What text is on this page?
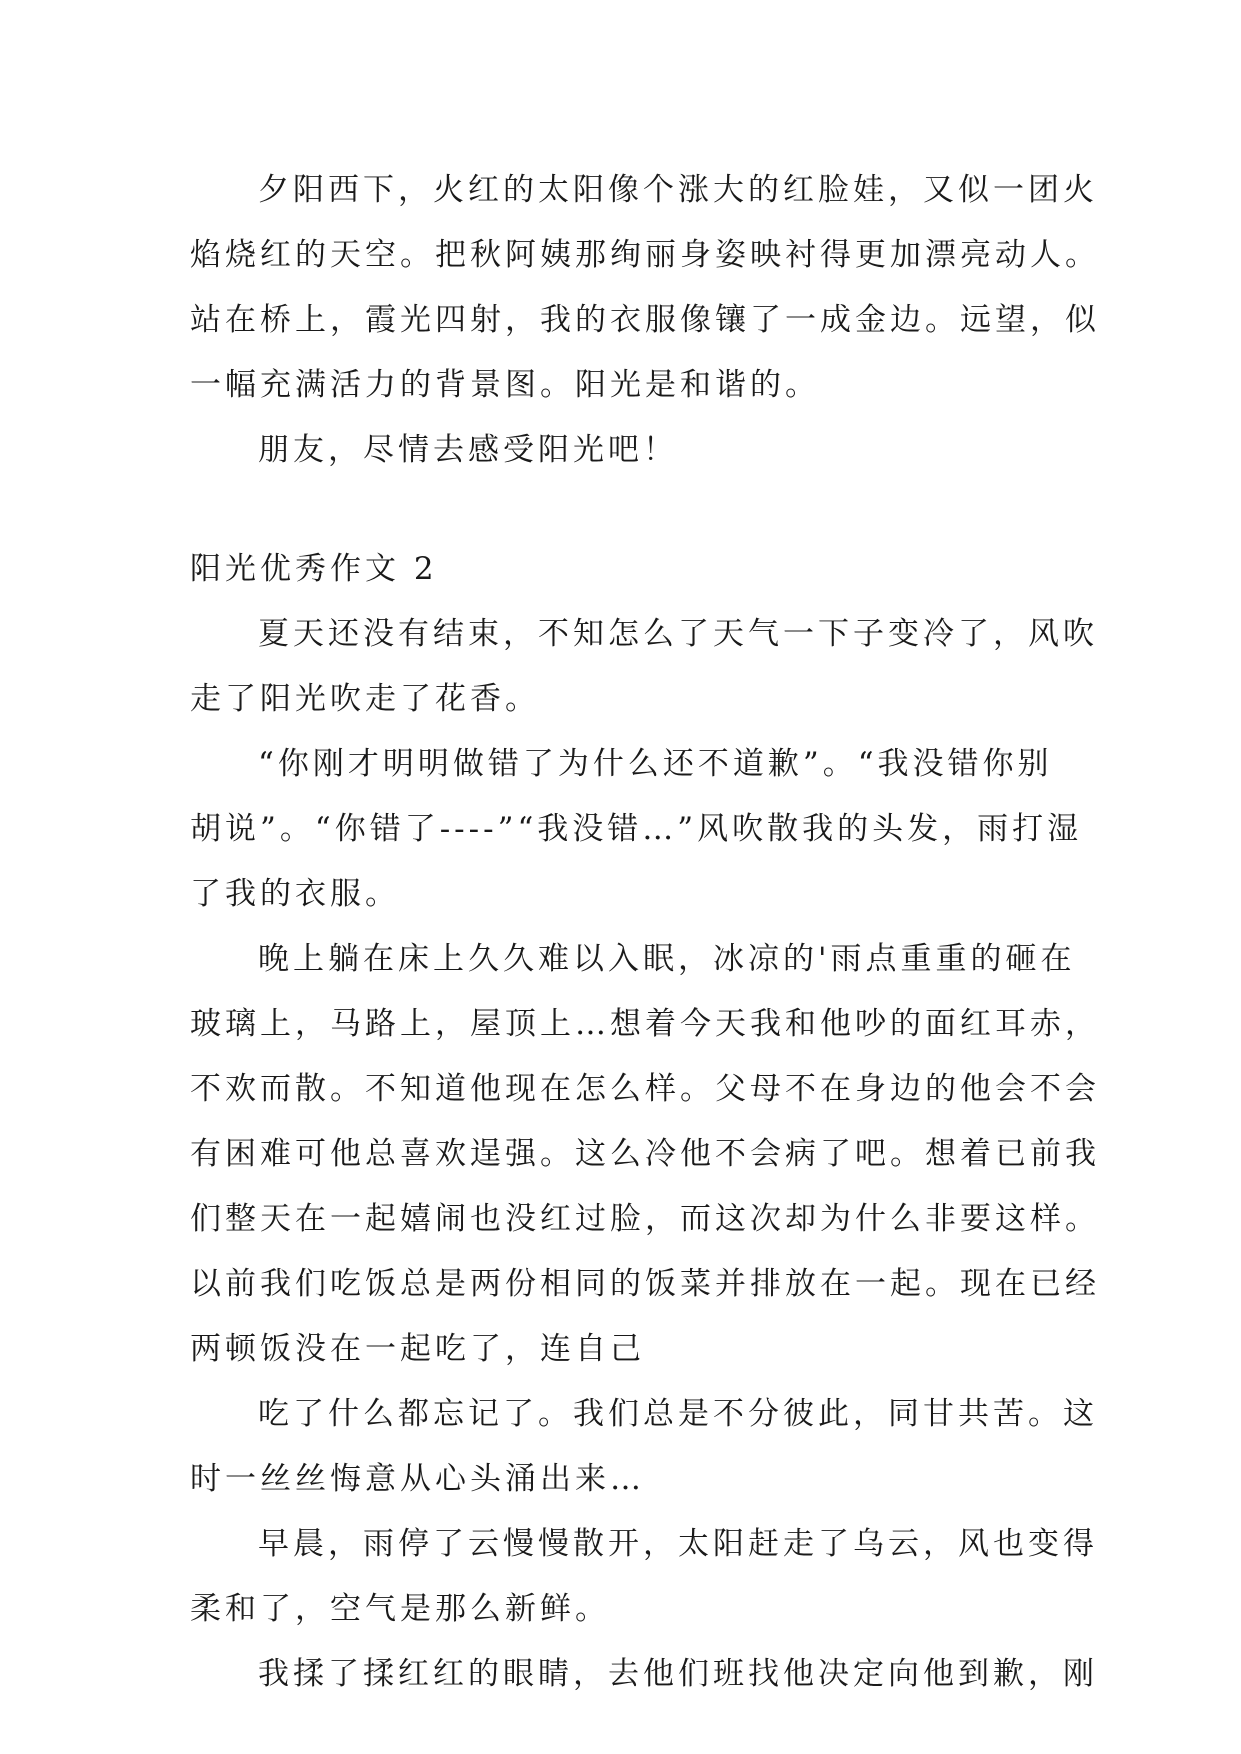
夕阳西下，火红的太阳像个涨大的红脸娃，又似一团火
焰烧红的天空。把秋阿姨那绚丽身姿映衬得更加漂亮动人。
站在桥上，霞光四射，我的衣服像镶了一成金边。远望，似
一幅充满活力的背景图。阳光是和谐的。
朋友，尽情去感受阳光吧！
阳光优秀作文 2
夏天还没有结束，不知怎么了天气一下子变冷了，风吹
走了阳光吹走了花香。
“你刚才明明做错了为什么还不道歉”。“我没错你别
胡说”。“你错了----”“我没错…”风吹散我的头发，雨打湿
了我的衣服。
晚上躺在床上久久难以入眠，冰凉的'雨点重重的砸在
玻璃上，马路上，屋顶上…想着今天我和他吵的面红耳赤，
不欢而散。不知道他现在怎么样。父母不在身边的他会不会
有困难可他总喜欢逞强。这么冷他不会病了吧。想着已前我
们整天在一起嬉闹也没红过脸，而这次却为什么非要这样。
以前我们吃饭总是两份相同的饭菜并排放在一起。现在已经
两顿饭没在一起吃了，连自己
吃了什么都忘记了。我们总是不分彼此，同甘共苦。这
时一丝丝悔意从心头涌出来…
早晨，雨停了云慢慢散开，太阳赶走了乌云，风也变得
柔和了，空气是那么新鲜。
我揉了揉红红的眼睛，去他们班找他决定向他到歉，刚
